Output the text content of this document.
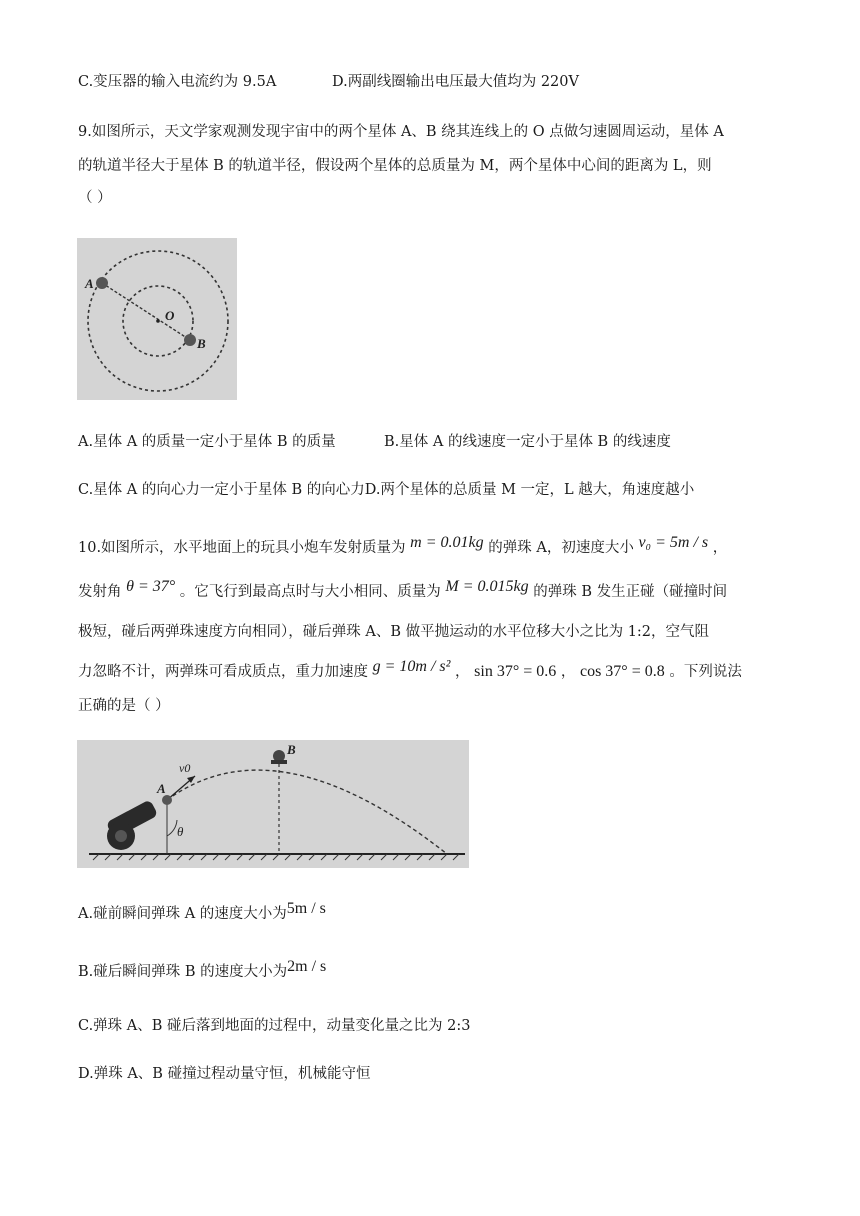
C.变压器的输入电流约为 9.5A	D.两副线圈输出电压最大值均为 220V
9.如图所示，天文学家观测发现宇宙中的两个星体 A、B 绕其连线上的 O 点做匀速圆周运动，星体 A
的轨道半径大于星体 B 的轨道半径，假设两个星体的总质量为 M，两个星体中心间的距离为 L，则
（ ）
A
O
B
A.星体 A 的质量一定小于星体 B 的质量	B.星体 A 的线速度一定小于星体 B 的线速度
C.星体 A 的向心力一定小于星体 B 的向心力D.两个星体的总质量 M 一定，L 越大，角速度越小
10.如图所示，水平地面上的玩具小炮车发射质量为 m = 0.01kg 的弹珠 A，初速度大小 v₀ = 5m / s ，
发射角 θ = 37° 。它飞行到最高点时与大小相同、质量为 M = 0.015kg 的弹珠 B 发生正碰（碰撞时间
极短，碰后两弹珠速度方向相同），碰后弹珠 A、B 做平抛运动的水平位移大小之比为 1:2，空气阻
力忽略不计，两弹珠可看成质点，重力加速度 g = 10m / s² ， sin 37° = 0.6 ， cos 37° = 0.8 。下列说法
正确的是（ ）
A
B
v0
θ
A.碰前瞬间弹珠 A 的速度大小为5m / s
B.碰后瞬间弹珠 B 的速度大小为2m / s
C.弹珠 A、B 碰后落到地面的过程中，动量变化量之比为 2:3
D.弹珠 A、B 碰撞过程动量守恒，机械能守恒
